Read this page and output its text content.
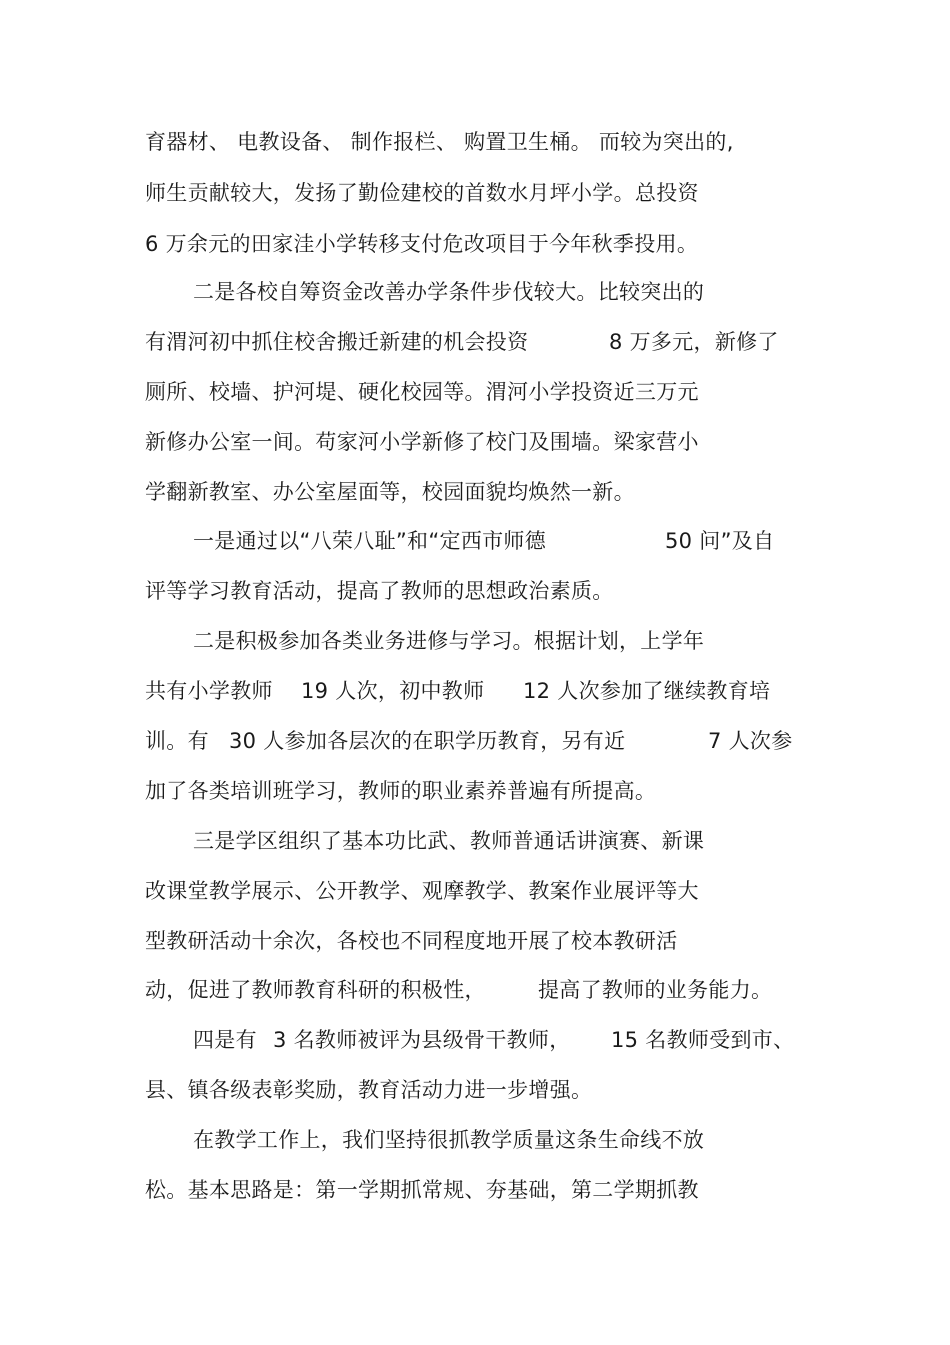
育器材、 电教设备、 制作报栏、 购置卫生桶。 而较为突出的,
师生贡献较大，发扬了勤俭建校的首数水月坪小学。总投资
6 万余元的田家洼小学转移支付危改项目于今年秋季投用。
二是各校自筹资金改善办学条件步伐较大。比较突出的
有渭河初中抓住校舍搬迁新建的机会投资	8 万多元，新修了
厕所、校墙、护河堤、硬化校园等。渭河小学投资近三万元
新修办公室一间。苟家河小学新修了校门及围墙。梁家营小
学翻新教室、办公室屋面等，校园面貌均焕然一新。
一是通过以“八荣八耻”和“定西市师德	50 问”及自
评等学习教育活动，提高了教师的思想政治素质。
二是积极参加各类业务进修与学习。根据计划，上学年
共有小学教师 19 人次，初中教师 12 人次参加了继续教育培
训。有 30 人参加各层次的在职学历教育，另有近	7 人次参
加了各类培训班学习，教师的职业素养普遍有所提高。
三是学区组织了基本功比武、教师普通话讲演赛、新课
改课堂教学展示、公开教学、观摩教学、教案作业展评等大
型教研活动十余次，各校也不同程度地开展了校本教研活
动，促进了教师教育科研的积极性， 提高了教师的业务能力。
四是有 3 名教师被评为县级骨干教师， 15 名教师受到市、
县、镇各级表彰奖励，教育活动力进一步增强。
在教学工作上，我们坚持很抓教学质量这条生命线不放
松。基本思路是：第一学期抓常规、夯基础，第二学期抓教
